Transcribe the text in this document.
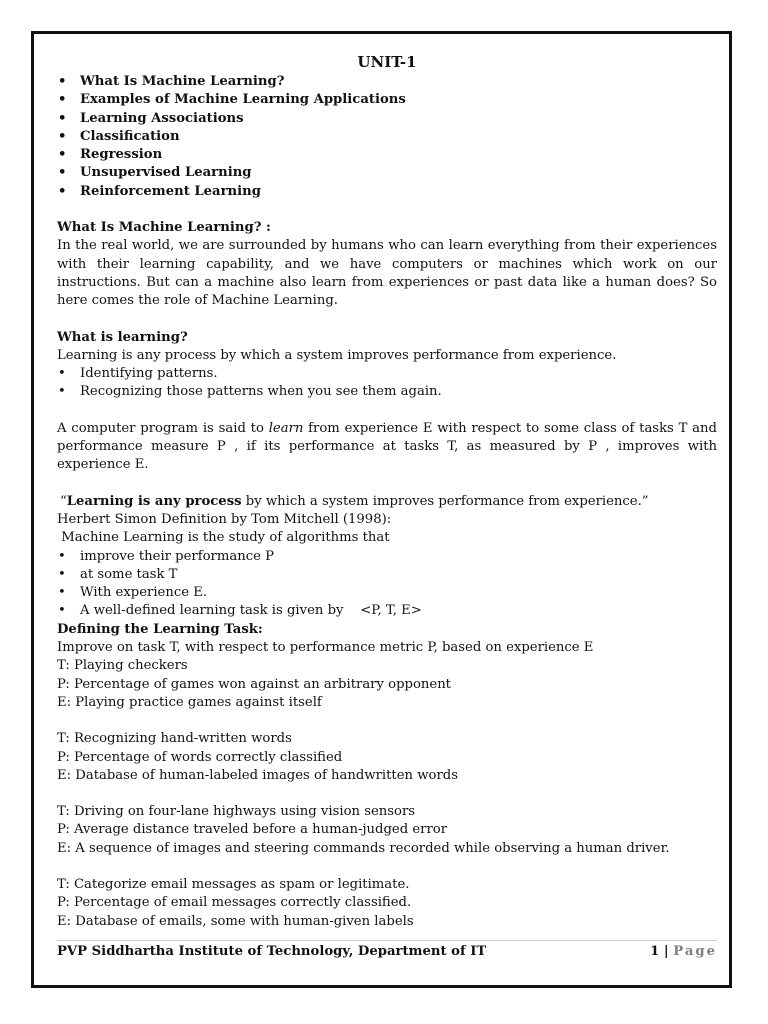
UNIT-1
• What Is Machine Learning?
• Examples of Machine Learning Applications
• Learning Associations
• Classification
• Regression
• Unsupervised Learning
• Reinforcement Learning
What Is Machine Learning? :
In the real world, we are surrounded by humans who can learn everything from their experiences with their learning capability, and we have computers or machines which work on our instructions. But can a machine also learn from experiences or past data like a human does? So here comes the role of Machine Learning.
What is learning?
Learning is any process by which a system improves performance from experience.
• Identifying patterns.
• Recognizing those patterns when you see them again.
A computer program is said to learn from experience E with respect to some class of tasks T and performance measure P , if its performance at tasks T, as measured by P , improves with experience E.
“Learning is any process by which a system improves performance from experience.”
Herbert Simon Definition by Tom Mitchell (1998):
Machine Learning is the study of algorithms that
• improve their performance P
• at some task T
• With experience E.
• A well-defined learning task is given by    <P, T, E>
Defining the Learning Task:
Improve on task T, with respect to performance metric P, based on experience E
T: Playing checkers
P: Percentage of games won against an arbitrary opponent
E: Playing practice games against itself
T: Recognizing hand-written words
P: Percentage of words correctly classified
E: Database of human-labeled images of handwritten words
T: Driving on four-lane highways using vision sensors
P: Average distance traveled before a human-judged error
E: A sequence of images and steering commands recorded while observing a human driver.
T: Categorize email messages as spam or legitimate.
P: Percentage of email messages correctly classified.
E: Database of emails, some with human-given labels
PVP Siddhartha Institute of Technology, Department of IT	1 | Page
